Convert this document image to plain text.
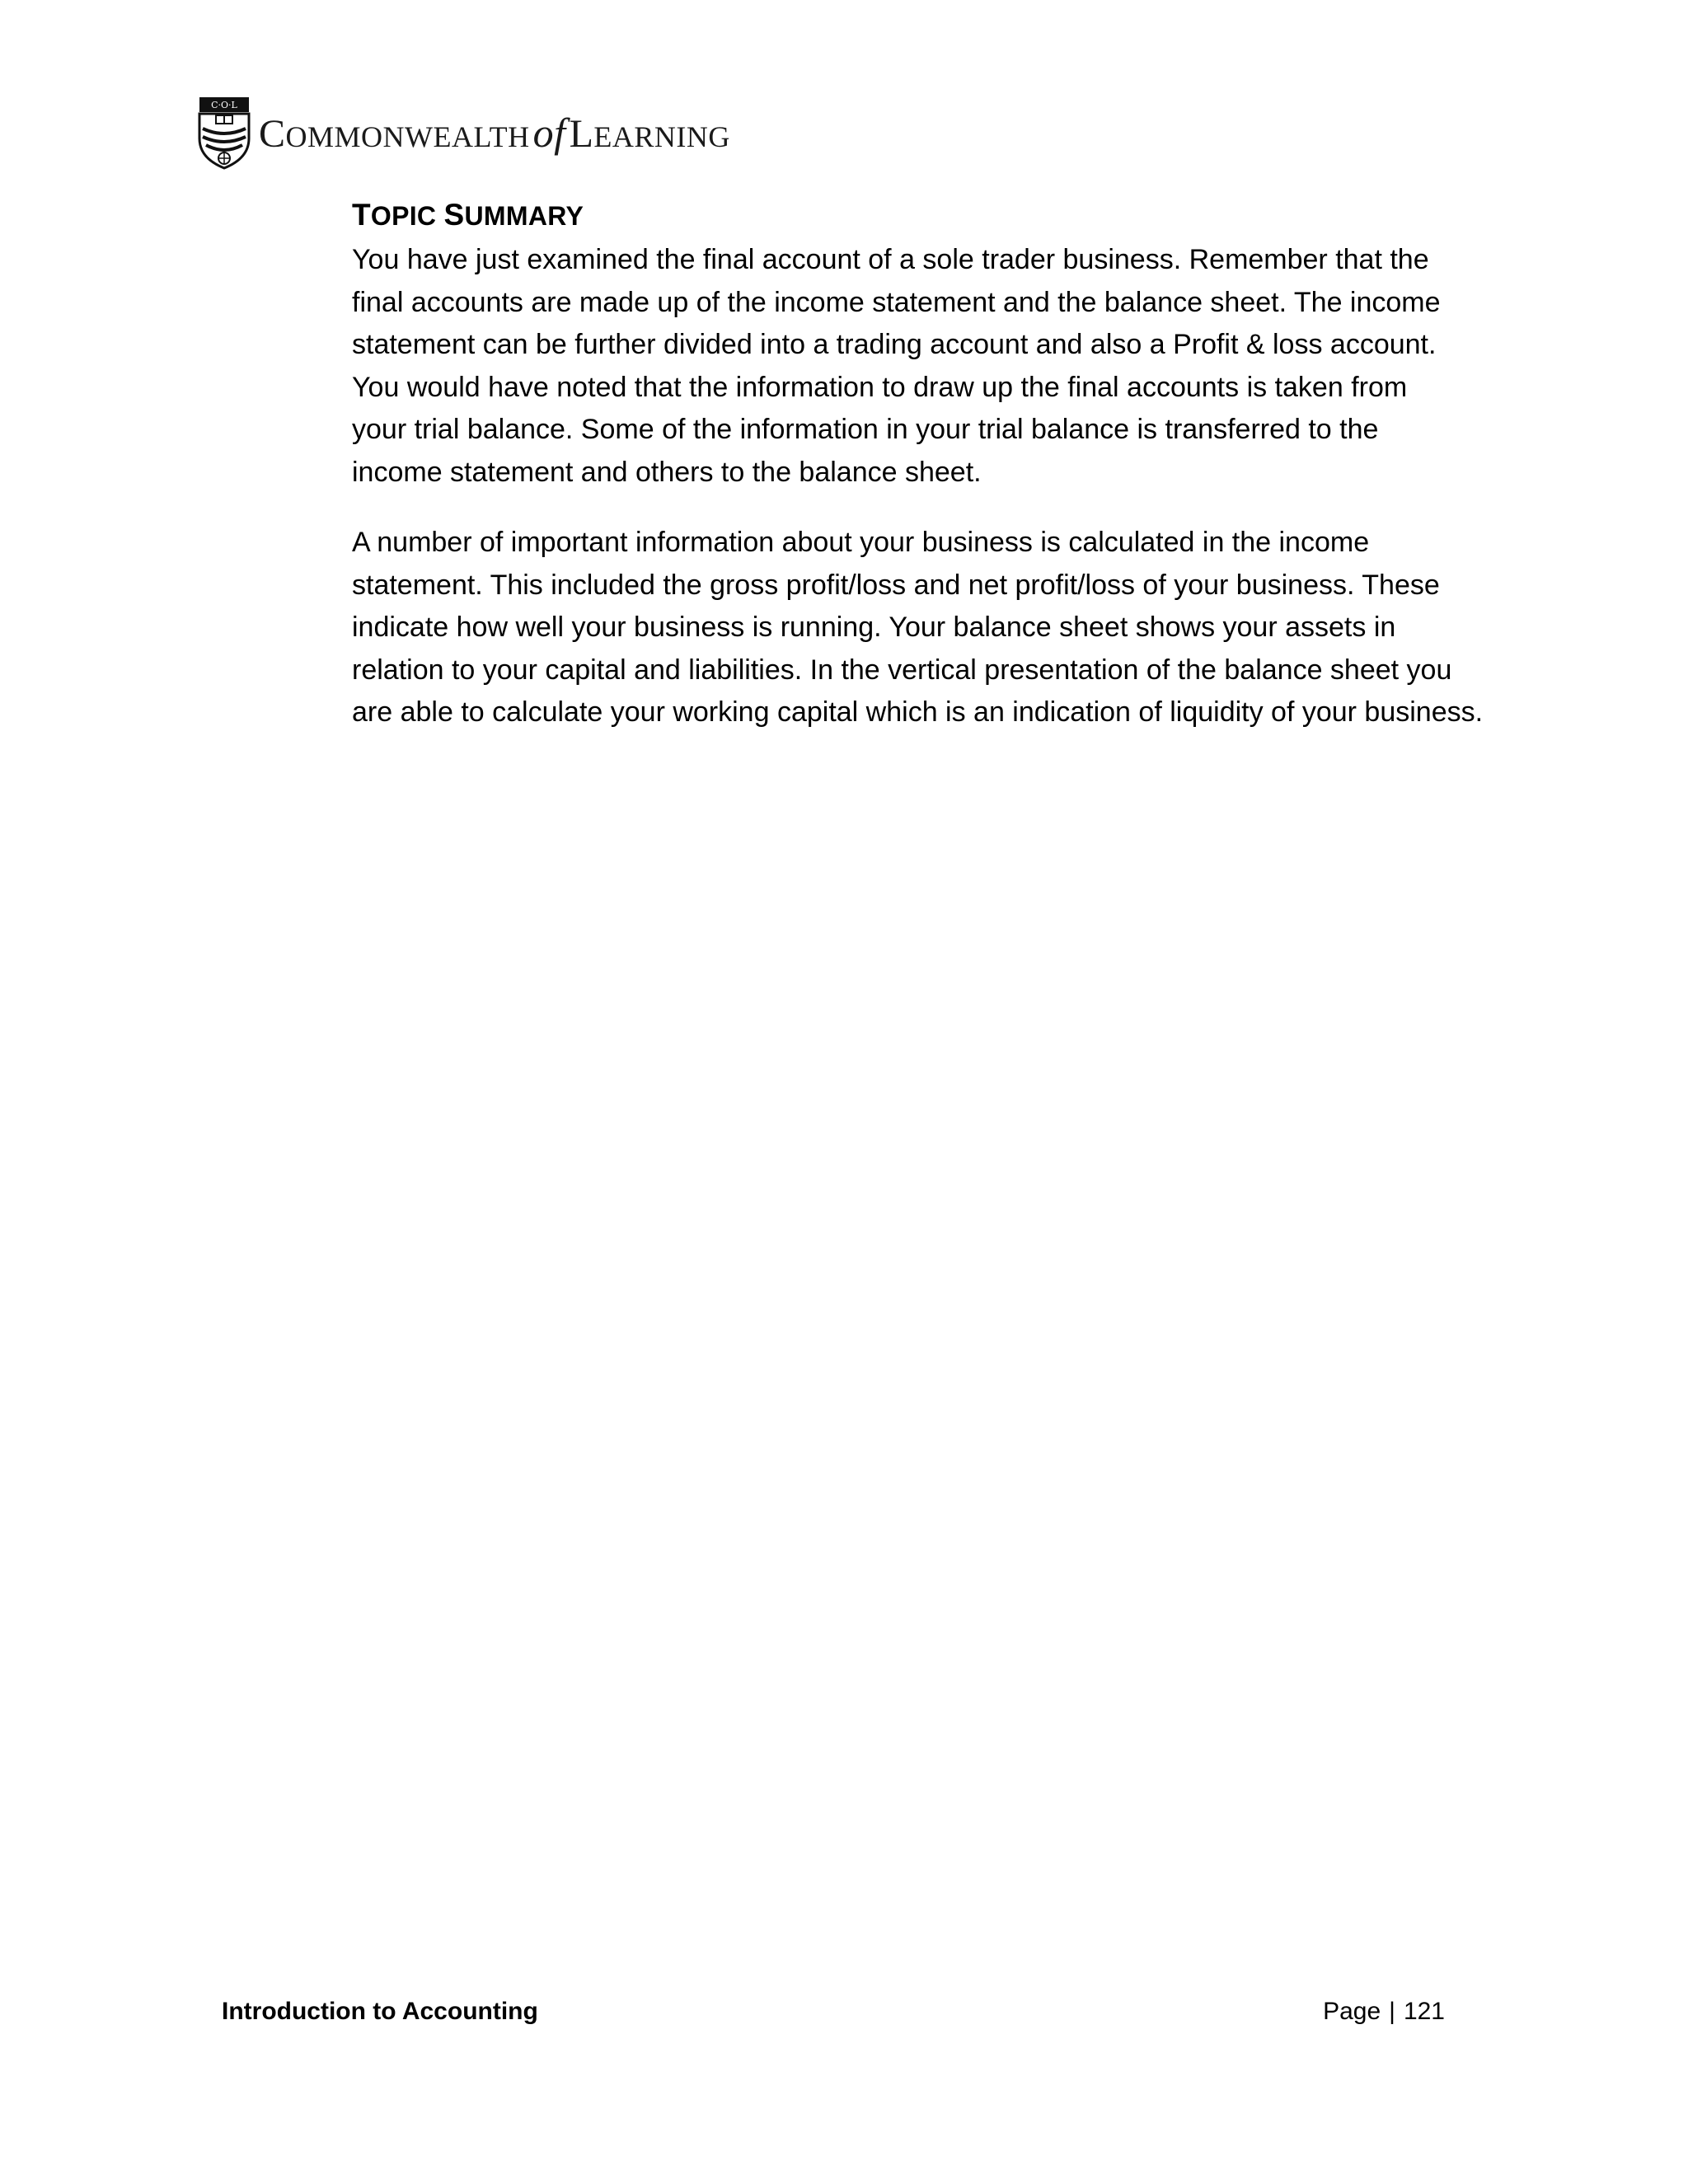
C·O·L
C OMMONWEALTH of L EARNING
TOPIC SUMMARY

You have just examined the final account of a sole trader business. Remember that the
final accounts are made up of the income statement and the balance sheet. The income
statement can be further divided into a trading account and also a Profit & loss account.
You would have noted that the information to draw up the final accounts is taken from
your trial balance. Some of the information in your trial balance is transferred to the
income statement and others to the balance sheet.

A number of important information about your business is calculated in the income
statement. This included the gross profit/loss and net profit/loss of your business. These
indicate how well your business is running. Your balance sheet shows your assets in
relation to your capital and liabilities. In the vertical presentation of the balance sheet you
are able to calculate your working capital which is an indication of liquidity of your business.

Introduction to Accounting	Page | 121
